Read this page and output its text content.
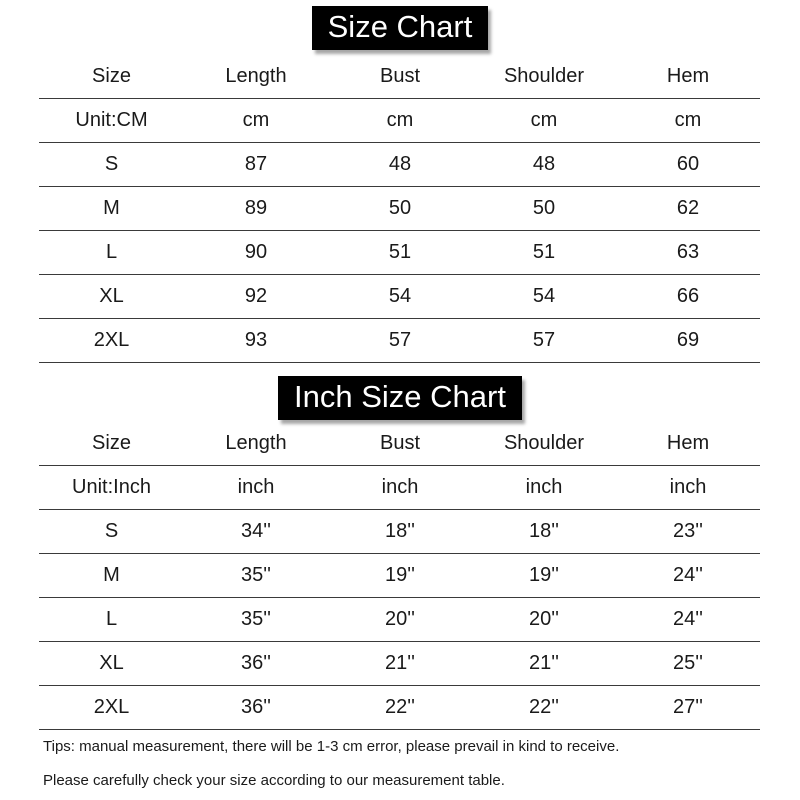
Size Chart
Size	Length	Bust	Shoulder	Hem
Unit:CM	cm	cm	cm	cm
S	87	48	48	60
M	89	50	50	62
L	90	51	51	63
XL	92	54	54	66
2XL	93	57	57	69
Inch Size Chart
Size	Length	Bust	Shoulder	Hem
Unit:Inch	inch	inch	inch	inch
S	34''	18''	18''	23''
M	35''	19''	19''	24''
L	35''	20''	20''	24''
XL	36''	21''	21''	25''
2XL	36''	22''	22''	27''
Tips: manual measurement, there will be 1-3 cm error, please prevail in kind to receive.
Please carefully check your size according to our measurement table.
